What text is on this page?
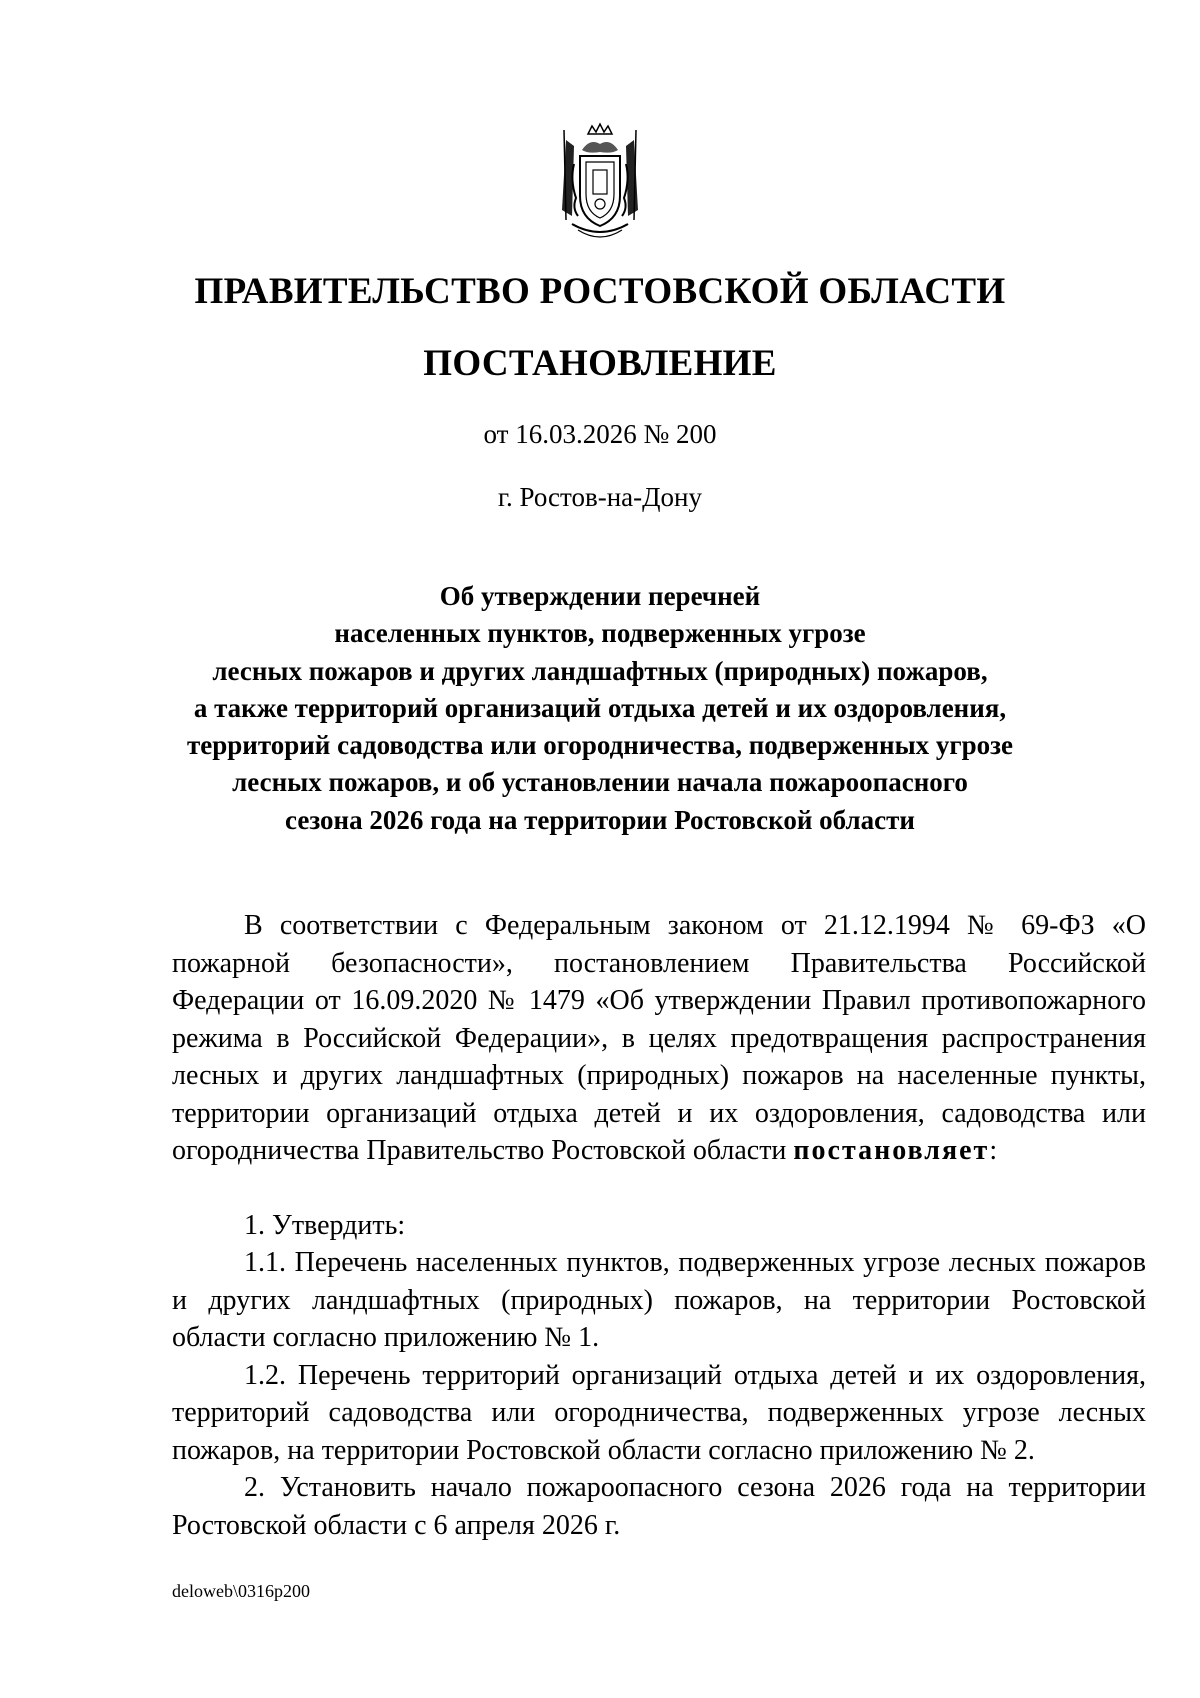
ПРАВИТЕЛЬСТВО РОСТОВСКОЙ ОБЛАСТИ
ПОСТАНОВЛЕНИЕ

от 16.03.2026 № 200

г. Ростов-на-Дону

Об утверждении перечней
населенных пунктов, подверженных угрозе
лесных пожаров и других ландшафтных (природных) пожаров,
а также территорий организаций отдыха детей и их оздоровления,
территорий садоводства или огородничества, подверженных угрозе
лесных пожаров, и об установлении начала пожароопасного
сезона 2026 года на территории Ростовской области

В соответствии с Федеральным законом от 21.12.1994 № 69-ФЗ «О пожарной безопасности», постановлением Правительства Российской Федерации от 16.09.2020 № 1479 «Об утверждении Правил противопожарного режима в Российской Федерации», в целях предотвращения распространения лесных и других ландшафтных (природных) пожаров на населенные пункты, территории организаций отдыха детей и их оздоровления, садоводства или огородничества Правительство Ростовской области постановляет:

1. Утвердить:

1.1. Перечень населенных пунктов, подверженных угрозе лесных пожаров и других ландшафтных (природных) пожаров, на территории Ростовской области согласно приложению № 1.

1.2. Перечень территорий организаций отдыха детей и их оздоровления, территорий садоводства или огородничества, подверженных угрозе лесных пожаров, на территории Ростовской области согласно приложению № 2.

2. Установить начало пожароопасного сезона 2026 года на территории Ростовской области с 6 апреля 2026 г.

deloweb\0316p200
